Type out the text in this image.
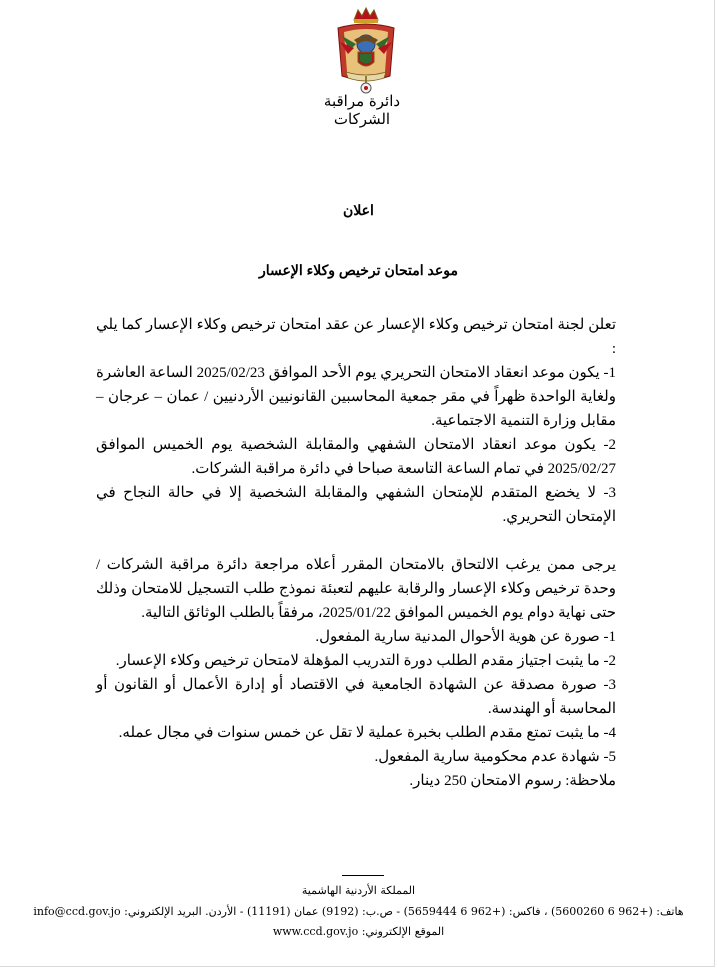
دائرة مراقبة الشركات
اعلان
موعد امتحان ترخيص وكلاء الإعسار

تعلن لجنة امتحان ترخيص وكلاء الإعسار عن عقد امتحان ترخيص وكلاء الإعسار كما يلي :

1- يكون موعد انعقاد الامتحان التحريري يوم الأحد الموافق 2025/02/23 الساعة العاشرة ولغاية الواحدة ظهراً في مقر جمعية المحاسبين القانونيين الأردنيين / عمان – عرجان – مقابل وزارة التنمية الاجتماعية.

2- يكون موعد انعقاد الامتحان الشفهي والمقابلة الشخصية يوم الخميس الموافق 2025/02/27 في تمام الساعة التاسعة صباحا في دائرة مراقبة الشركات.

3- لا يخضع المتقدم للإمتحان الشفهي والمقابلة الشخصية إلا في حالة النجاح في الإمتحان التحريري.

يرجى ممن يرغب الالتحاق بالامتحان المقرر أعلاه مراجعة دائرة مراقبة الشركات / وحدة ترخيص وكلاء الإعسار والرقابة عليهم لتعبئة نموذج طلب التسجيل للامتحان وذلك حتى نهاية دوام يوم الخميس الموافق 2025/01/22، مرفقاً بالطلب الوثائق التالية.

1- صورة عن هوية الأحوال المدنية سارية المفعول.

2- ما يثبت اجتياز مقدم الطلب دورة التدريب المؤهلة لامتحان ترخيص وكلاء الإعسار.

3- صورة مصدقة عن الشهادة الجامعية في الاقتصاد أو إدارة الأعمال أو القانون أو المحاسبة أو الهندسة.

4- ما يثبت تمتع مقدم الطلب بخبرة عملية لا تقل عن خمس سنوات في مجال عمله.

5- شهادة عدم محكومية سارية المفعول.

ملاحظة: رسوم الامتحان 250 دينار.

المملكة الأردنية الهاشمية
هاتف: (+962 6 5600260) ، فاكس: (+962 6 5659444) - ص.ب: (9192) عمان (11191) - الأردن. البريد الإلكتروني: info@ccd.gov.jo
الموقع الإلكتروني: www.ccd.gov.jo
